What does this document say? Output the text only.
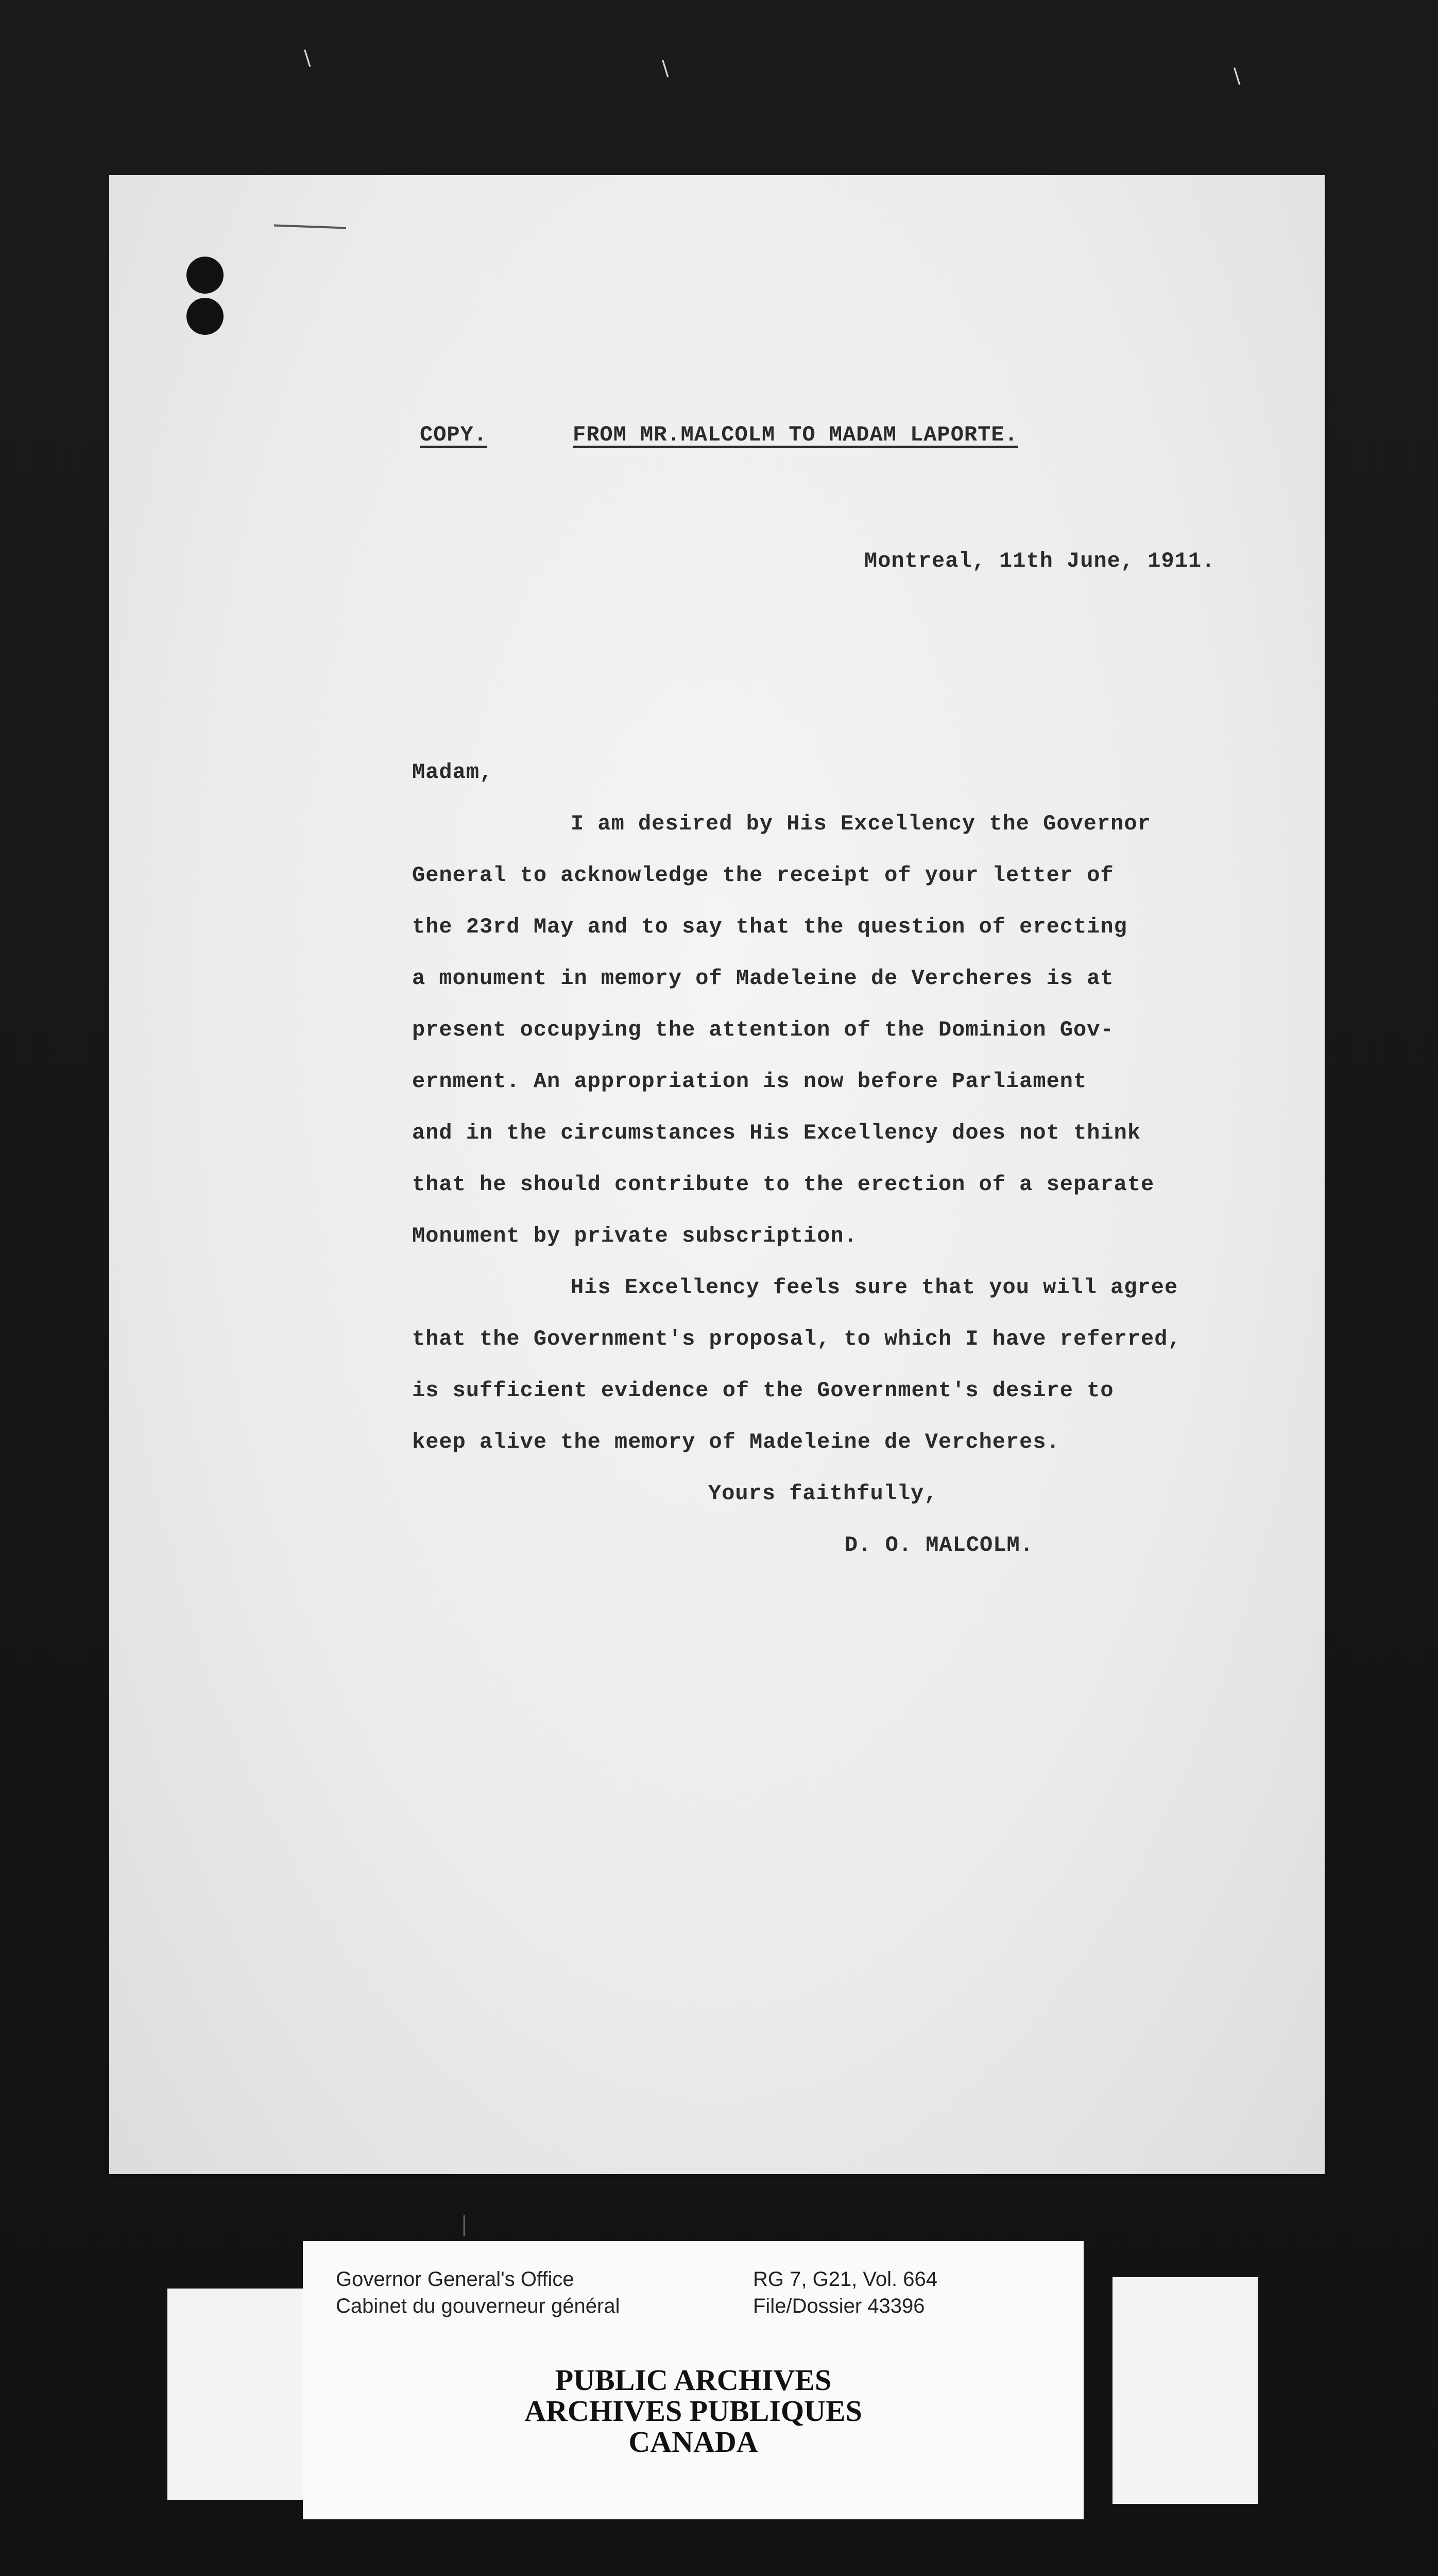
\	\	\
COPY.	FROM MR.MALCOLM TO MADAM LAPORTE.
Montreal, 11th June, 1911.
Madam,
I am desired by His Excellency the Governor
General to acknowledge the receipt of your letter of
the 23rd May and to say that the question of erecting
a monument in memory of Madeleine de Vercheres is at
present occupying the attention of the Dominion Gov-
ernment. An appropriation is now before Parliament
and in the circumstances His Excellency does not think
that he should contribute to the erection of a separate
Monument by private subscription.
His Excellency feels sure that you will agree
that the Government's proposal, to which I have referred,
is sufficient evidence of the Government's desire to
keep alive the memory of Madeleine de Vercheres.
Yours faithfully,
D. O. MALCOLM.
Governor General's Office
Cabinet du gouverneur général
RG 7, G21, Vol. 664
File/Dossier 43396
PUBLIC ARCHIVES
ARCHIVES PUBLIQUES
CANADA
